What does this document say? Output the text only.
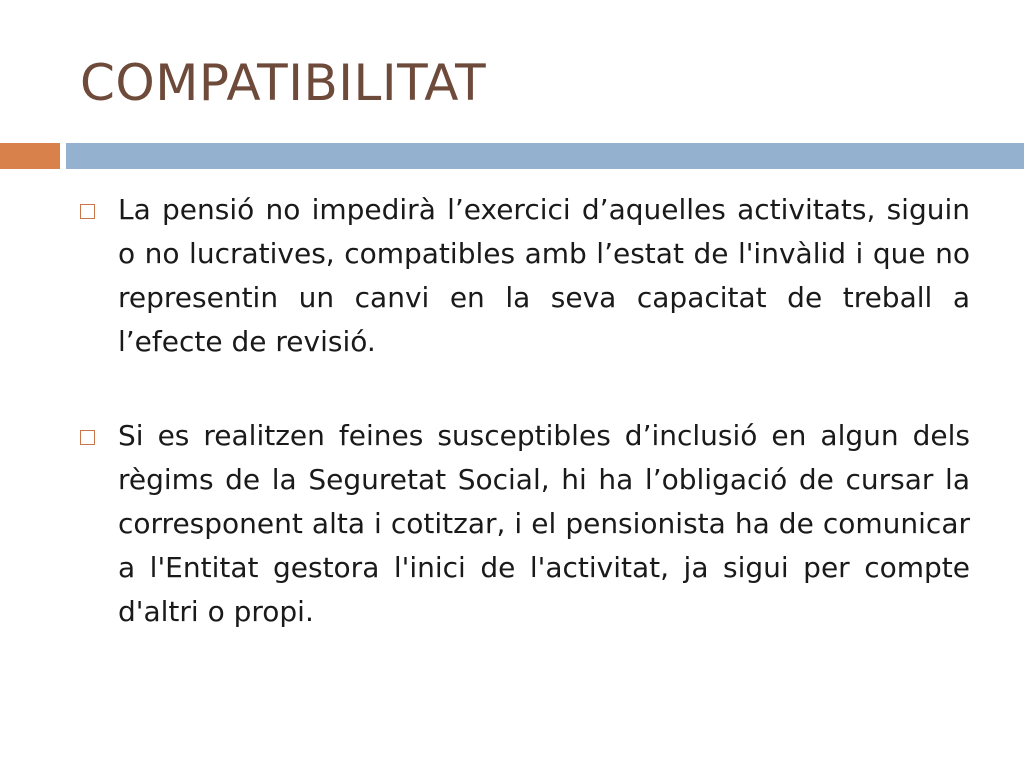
COMPATIBILITAT

La pensió no impedirà l’exercici d’aquelles activitats, siguin o no lucratives, compatibles amb l’estat de l'invàlid i que no representin un canvi en la seva capacitat de treball a l’efecte de revisió.

Si es realitzen feines susceptibles d’inclusió en algun dels règims de la Seguretat Social, hi ha l’obligació de cursar la corresponent alta i cotitzar, i el pensionista ha de comunicar a l'Entitat gestora l'inici de l'activitat, ja sigui per compte d'altri o propi.
